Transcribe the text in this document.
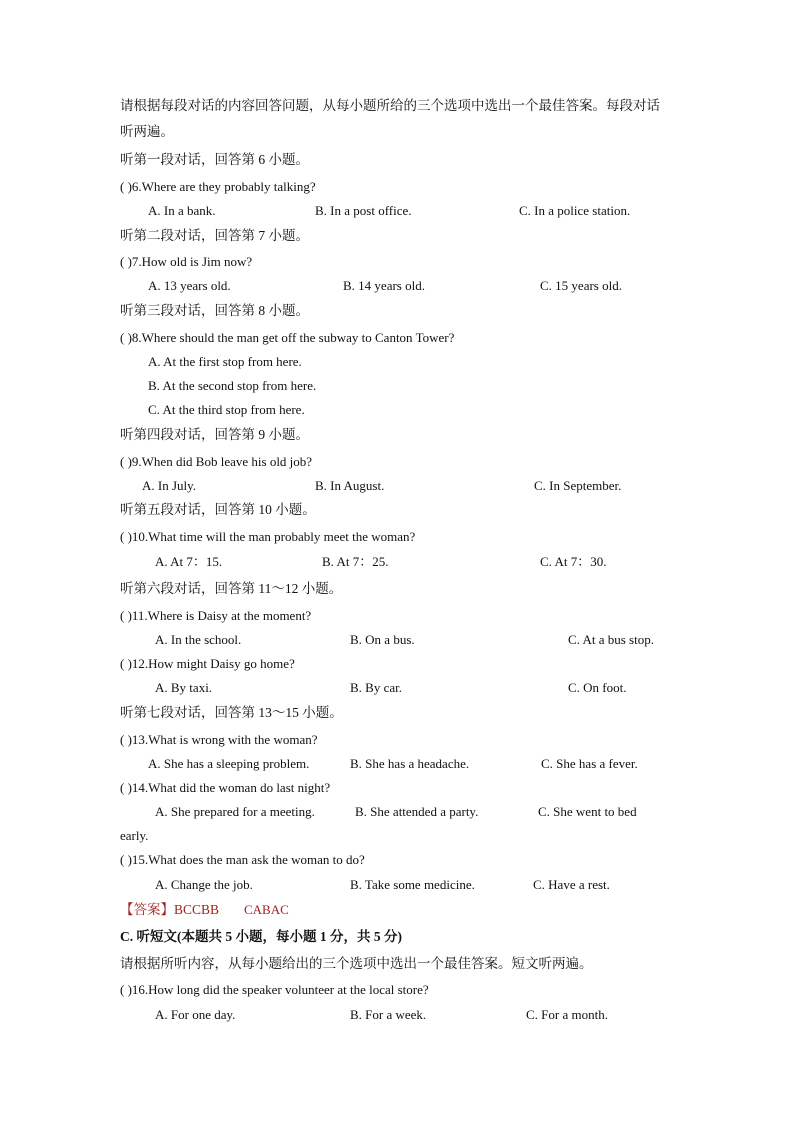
请根据每段对话的内容回答问题，从每小题所给的三个选项中选出一个最佳答案。每段对话
听两遍。
听第一段对话，回答第 6 小题。
( )6.Where are they probably talking?
A. In a bank.	B. In a post office.	C. In a police station.
听第二段对话，回答第 7 小题。
( )7.How old is Jim now?
A. 13 years old.	B. 14 years old.	C. 15 years old.
听第三段对话，回答第 8 小题。
( )8.Where should the man get off the subway to Canton Tower?
A. At the first stop from here.
B. At the second stop from here.
C. At the third stop from here.
听第四段对话，回答第 9 小题。
( )9.When did Bob leave his old job?
A. In July.	B. In August.	C. In September.
听第五段对话，回答第 10 小题。
( )10.What time will the man probably meet the woman?
A. At 7：15.	B. At 7：25.	C. At 7：30.
听第六段对话，回答第 11～12 小题。
( )11.Where is Daisy at the moment?
A. In the school.	B. On a bus.	C. At a bus stop.
( )12.How might Daisy go home?
A. By taxi.	B. By car.	C. On foot.
听第七段对话，回答第 13～15 小题。
( )13.What is wrong with the woman?
A. She has a sleeping problem.	B. She has a headache.	C. She has a fever.
( )14.What did the woman do last night?
A. She prepared for a meeting.	B. She attended a party.	C. She went to bed
early.
( )15.What does the man ask the woman to do?
A. Change the job.	B. Take some medicine.	C. Have a rest.
【答案】BCCBB CABAC
C. 听短文(本题共 5 小题，每小题 1 分，共 5 分)
请根据所听内容，从每小题给出的三个选项中选出一个最佳答案。短文听两遍。
( )16.How long did the speaker volunteer at the local store?
A. For one day.	B. For a week.	C. For a month.
